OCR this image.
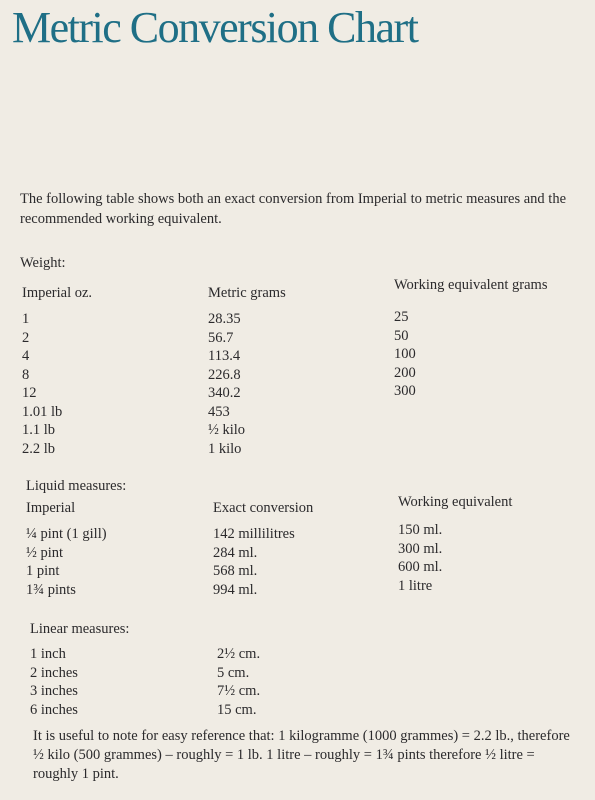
Metric Conversion Chart
The following table shows both an exact conversion from Imperial to metric measures and the recommended working equivalent.
Weight:
Imperial oz.
1
2
4
8
12
1.01 lb
1.1 lb
2.2 lb
Metric grams
28.35
56.7
113.4
226.8
340.2
453
½ kilo
1 kilo
Working equivalent grams
25
50
100
200
300
Liquid measures:
Imperial
¼ pint (1 gill)
½ pint
1 pint
1¾ pints
Exact conversion
142 millilitres
284 ml.
568 ml.
994 ml.
Working equivalent
150 ml.
300 ml.
600 ml.
1 litre
Linear measures:
1 inch
2 inches
3 inches
6 inches
2½ cm.
5 cm.
7½ cm.
15 cm.
It is useful to note for easy reference that: 1 kilogramme (1000 grammes) = 2.2 lb., therefore ½ kilo (500 grammes) – roughly = 1 lb. 1 litre – roughly = 1¾ pints therefore ½ litre = roughly 1 pint.
